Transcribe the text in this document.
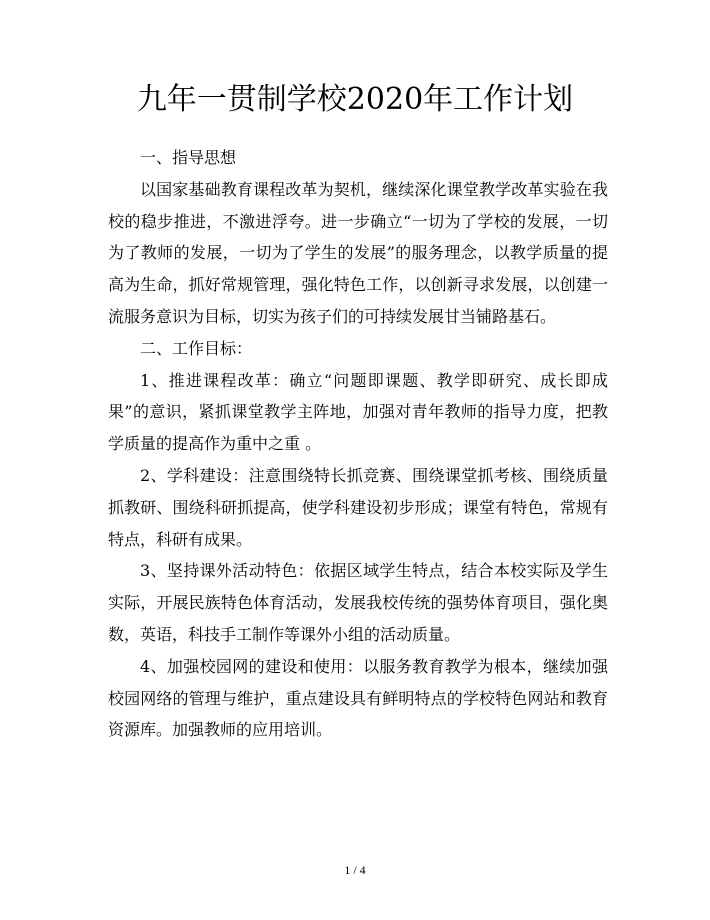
九年一贯制学校2020年工作计划

一、指导思想

以国家基础教育课程改革为契机，继续深化课堂教学改革实验在我校的稳步推进，不激进浮夸。进一步确立“一切为了学校的发展，一切为了教师的发展，一切为了学生的发展”的服务理念，以教学质量的提高为生命，抓好常规管理，强化特色工作，以创新寻求发展，以创建一流服务意识为目标，切实为孩子们的可持续发展甘当铺路基石。

二、工作目标：

1、推进课程改革：确立“问题即课题、教学即研究、成长即成果”的意识，紧抓课堂教学主阵地，加强对青年教师的指导力度，把教学质量的提高作为重中之重 。

2、学科建设：注意围绕特长抓竞赛、围绕课堂抓考核、围绕质量抓教研、围绕科研抓提高，使学科建设初步形成；课堂有特色，常规有特点，科研有成果。

3、坚持课外活动特色：依据区域学生特点，结合本校实际及学生实际，开展民族特色体育活动，发展我校传统的强势体育项目，强化奥数，英语，科技手工制作等课外小组的活动质量。

4、加强校园网的建设和使用：以服务教育教学为根本，继续加强校园网络的管理与维护，重点建设具有鲜明特点的学校特色网站和教育资源库。加强教师的应用培训。

1 / 4
